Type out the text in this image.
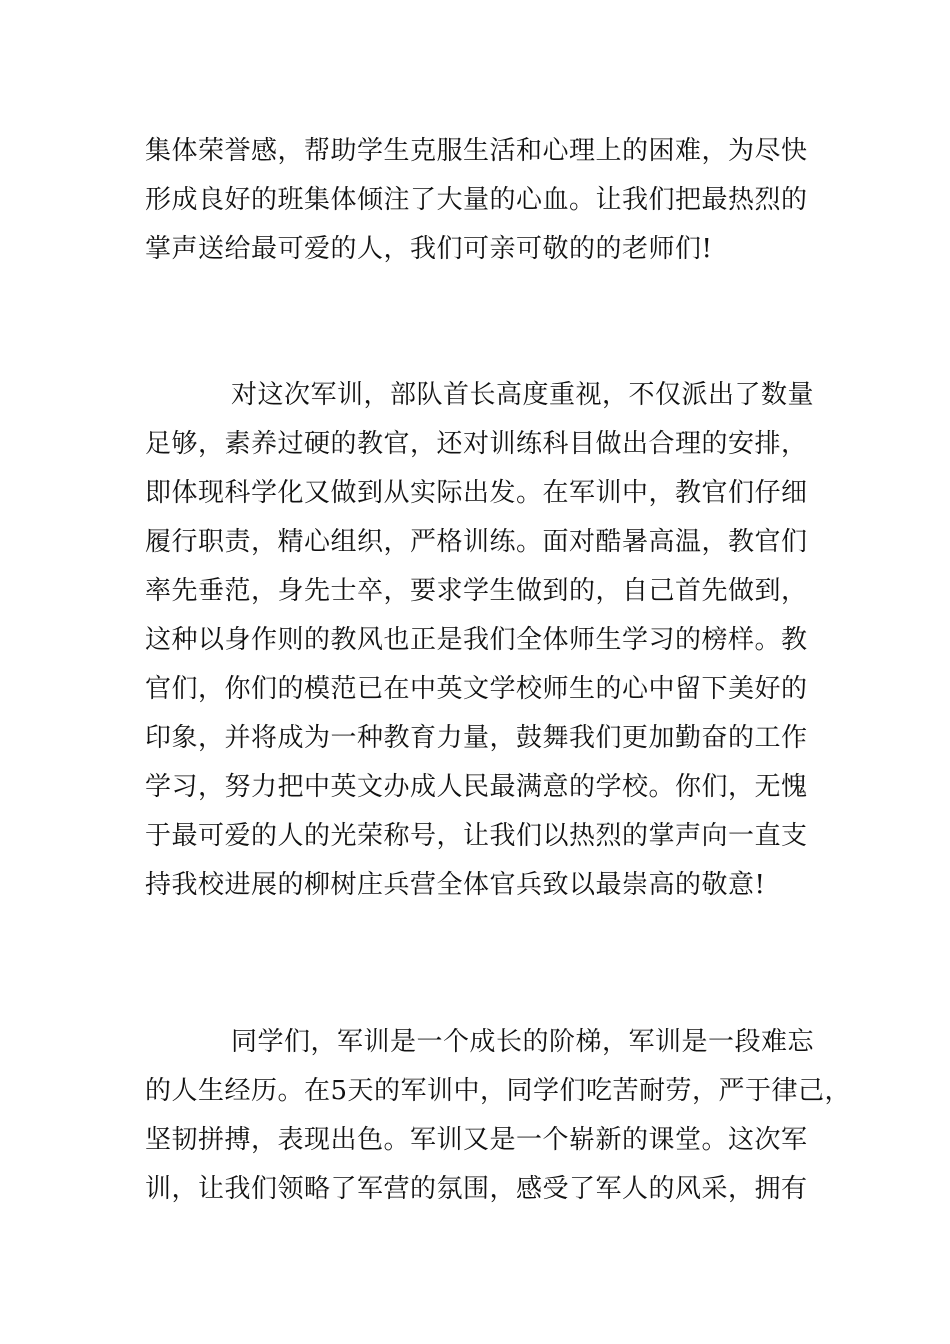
集体荣誉感，帮助学生克服生活和心理上的困难，为尽快
形成良好的班集体倾注了大量的心血。让我们把最热烈的
掌声送给最可爱的人，我们可亲可敬的的老师们!
对这次军训，部队首长高度重视，不仅派出了数量
足够，素养过硬的教官，还对训练科目做出合理的安排，
即体现科学化又做到从实际出发。在军训中，教官们仔细
履行职责，精心组织，严格训练。面对酷暑高温，教官们
率先垂范，身先士卒，要求学生做到的，自己首先做到，
这种以身作则的教风也正是我们全体师生学习的榜样。教
官们，你们的模范已在中英文学校师生的心中留下美好的
印象，并将成为一种教育力量，鼓舞我们更加勤奋的工作
学习，努力把中英文办成人民最满意的学校。你们，无愧
于最可爱的人的光荣称号，让我们以热烈的掌声向一直支
持我校进展的柳树庄兵营全体官兵致以最崇高的敬意!
同学们，军训是一个成长的阶梯，军训是一段难忘
的人生经历。在5天的军训中，同学们吃苦耐劳，严于律己，
坚韧拼搏，表现出色。军训又是一个崭新的课堂。这次军
训，让我们领略了军营的氛围，感受了军人的风采，拥有
